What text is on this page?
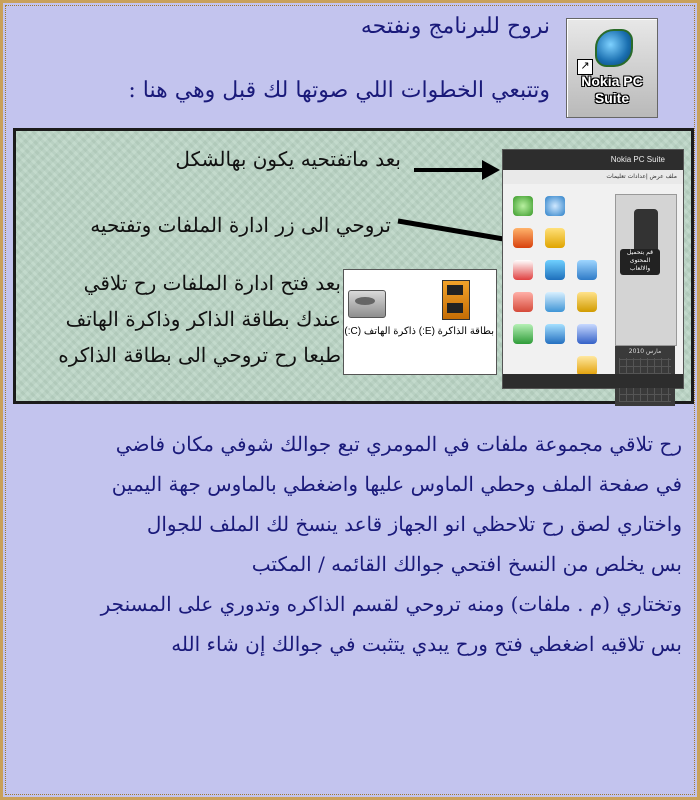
↗
Nokia PC Suite
نروح للبرنامج ونفتحه
وتتبعي الخطوات اللي صوتها لك قبل وهي هنا :
بعد ماتفتحيه يكون بهالشكل
تروحي الى زر ادارة الملفات وتفتحيه
بعد فتح ادارة الملفات رح تلاقي
عندك بطاقة الذاكر وذاكرة الهاتف
طبعا رح تروحي الى بطاقة الذاكره
Nokia PC Suite
ملف عرض إعدادات تعليمات
قم بتحميل المحتوى والالعاب
مارس 2010
ذاكرة الهاتف (C:) بطاقة الذاكرة (E:)
رح تلاقي مجموعة ملفات في المومري تبع جوالك شوفي مكان فاضي
في صفحة الملف وحطي الماوس عليها واضغطي بالماوس جهة اليمين
واختاري لصق رح تلاحظي انو الجهاز قاعد ينسخ لك الملف للجوال
بس يخلص من النسخ افتحي جوالك القائمه / المكتب
وتختاري (م . ملفات) ومنه تروحي لقسم الذاكره وتدوري على المسنجر
بس تلاقيه اضغطي فتح ورح يبدي يتثبت في جوالك إن شاء الله
